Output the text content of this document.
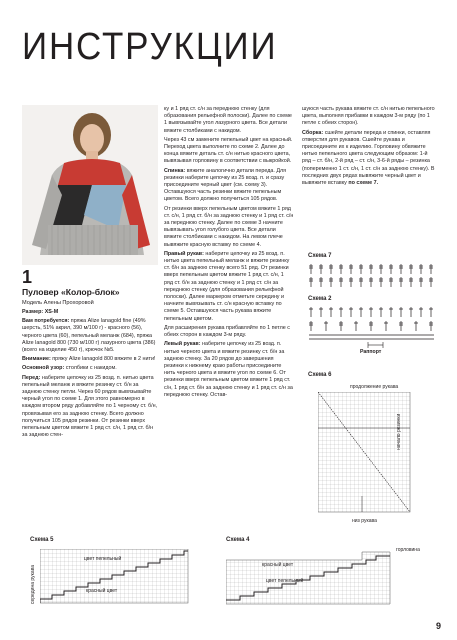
ИНСТРУКЦИИ
1
Пуловер «Колор-блок»
Модель Алены Прохоровой

Размер: XS-M

Вам потребуется: пряжа Alize lanagold fine (49% шерсть, 51% акрил, 390 м/100 г) - красного (56), черного цвета (60), пепельный меланж (684), пряжа Alize lanagold 800 (730 м/100 г) лазурного цвета (386) (всего на изделие 450 г), крючок №5.

Внимание: пряжу Alize lanagold 800 вяжите в 2 нити!

Основной узор: столбики с накидом.

Перед: наберите цепочку из 25 возд. п. нитью цвета пепельный меланж и вяжите резинку ст. б/н за заднюю стенку петли. Через 60 рядов вывязывайте черный угол по схеме 1. Для этого равномерно в каждом втором ряду добавляйте по 1 черному ст. б/н, провязывая его за заднюю стенку. Всего должно получиться 105 рядов резинки. От резинки вверх пепельным цветом вяжите 1 ряд ст. с/н, 1 ряд ст. б/н за заднюю стен-

ку и 1 ряд ст. с/н за переднюю стенку (для образования рельефной полоски). Далее по схеме 1 вывязывайте угол лазурного цвета. Все детали вяжите столбиками с накидом.

Через 43 см замените пепельный цвет на красный. Переход цвета выполните по схеме 2. Далее до конца вяжите деталь ст. с/н нитью красного цвета, вывязывая горловину в соответствии с выкройкой.

Спинка: вяжите аналогично детали переда. Для резинки наберите цепочку из 25 возд. п. и сразу присоедините черный цвет (см. схему 3). Оставшуюся часть резинки вяжите пепельным цветом. Всего должно получиться 105 рядов.

От резинки вверх пепельным цветом вяжите 1 ряд ст. с/н, 1 ряд ст. б/н за заднюю стенку и 1 ряд ст. с/н за переднюю стенку. Далее по схеме 3 начните вывязывать угол голубого цвета. Все детали вяжите столбиками с накидом. На левом плече вывяжите красную вставку по схеме 4.

Правый рукав: наберите цепочку из 25 возд. п. нитью цвета пепельный меланж и вяжите резинку ст. б/н за заднюю стенку всего 51 ряд. От резинки вверх пепельным цветом вяжите 1 ряд ст. с/н, 1 ряд ст. б/н за заднюю стенку и 1 ряд ст. с/н за переднюю стенку (для образования рельефной полоски). Далее маркером отметьте середину и начните вывязывать ст. с/н красную вставку по схеме 5. Оставшуюся часть рукава вяжите пепельным цветом.

Для расширения рукава прибавляйте по 1 петле с обеих сторон в каждом 3-м ряду.

Левый рукав: наберите цепочку из 25 возд. п. нитью черного цвета и вяжите резинку ст. б/н за заднюю стенку. За 20 рядов до завершения резинки к нижнему краю работы присоедините нить черного цвета и вяжите угол по схеме 6. От резинки вверх пепельным цветом вяжите 1 ряд ст. с/н, 1 ряд ст. б/н за заднюю стенку и 1 ряд ст. с/н за переднюю стенку. Остав-

шуюся часть рукава вяжите ст. с/н нитью пепельного цвета, выполняя прибавки в каждом 3-м ряду (по 1 петле с обеих сторон).

Сборка: сшейте детали переда и спинки, оставляя отверстия для рукавов. Сшейте рукава и присоедините их к изделию. Горловину обвяжите нитью пепельного цвета следующим образом: 1-й ряд – ст. б/н, 2-й ряд – ст. с/н, 3-6-й ряды – резинка (попеременно 1 ст. с/н, 1 ст. с/н за заднюю стенку). В последних двух рядах вывяжите черный цвет и вывяжите вставку по схеме 7.

Схема 7
Схема 2
Раппорт
Схема 6
продолжение рукава
начало резинки
низ рукава
Схема 5
середина рукава
цвет пепельный
красный цвет
Схема 4
горловина
красный цвет
цвет пепельный
9
